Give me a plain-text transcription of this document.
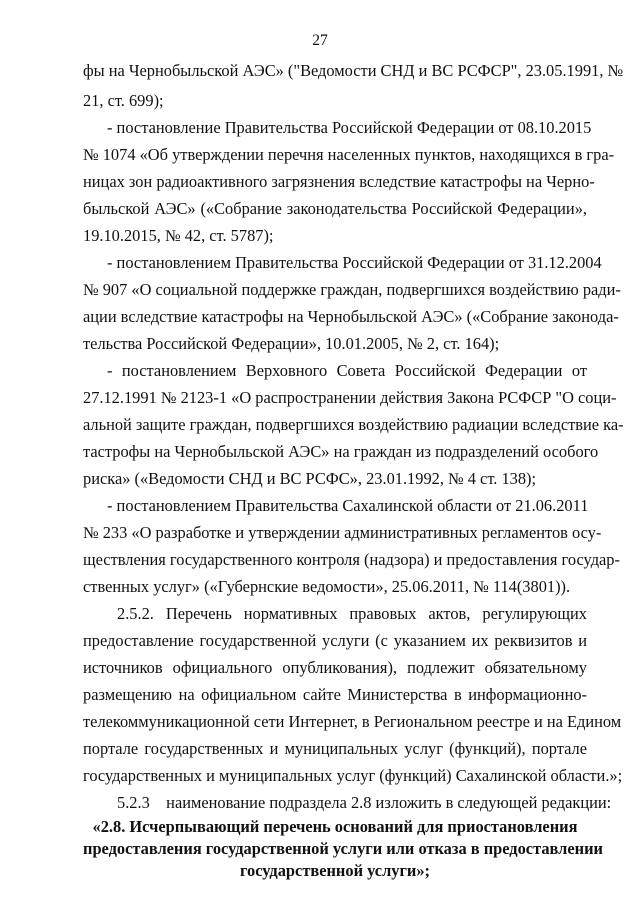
27
фы на Чернобыльской АЭС» ("Ведомости СНД и ВС РСФСР", 23.05.1991, №
21, ст. 699);
- постановление Правительства Российской Федерации от 08.10.2015
№ 1074 «Об утверждении перечня населенных пунктов, находящихся в гра-
ницах зон радиоактивного загрязнения вследствие катастрофы на Черно-
быльской АЭС» («Собрание законодательства Российской Федерации»,
19.10.2015, № 42, ст. 5787);
- постановлением Правительства Российской Федерации от 31.12.2004
№ 907 «О социальной поддержке граждан, подвергшихся воздействию ради-
ации вследствие катастрофы на Чернобыльской АЭС» («Собрание законода-
тельства Российской Федерации», 10.01.2005, № 2, ст. 164);
- постановлением Верховного Совета Российской Федерации от
27.12.1991 № 2123-1 «О распространении действия Закона РСФСР "О соци-
альной защите граждан, подвергшихся воздействию радиации вследствие ка-
тастрофы на Чернобыльской АЭС» на граждан из подразделений особого
риска» («Ведомости СНД и ВС РСФС», 23.01.1992, № 4 ст. 138);
- постановлением Правительства Сахалинской области от 21.06.2011
№ 233 «О разработке и утверждении административных регламентов осу-
ществления государственного контроля (надзора) и предоставления государ-
ственных услуг» («Губернские ведомости», 25.06.2011, № 114(3801)).
2.5.2. Перечень нормативных правовых актов, регулирующих
предоставление государственной услуги (с указанием их реквизитов и
источников официального опубликования), подлежит обязательному
размещению на официальном сайте Министерства в информационно-
телекоммуникационной сети Интернет, в Региональном реестре и на Едином
портале государственных и муниципальных услуг (функций), портале
государственных и муниципальных услуг (функций) Сахалинской области.»;
5.2.3    наименование подраздела 2.8 изложить в следующей редакции:
«2.8. Исчерпывающий перечень оснований для приостановления
предоставления государственной услуги или отказа в предоставлении
государственной услуги»;
